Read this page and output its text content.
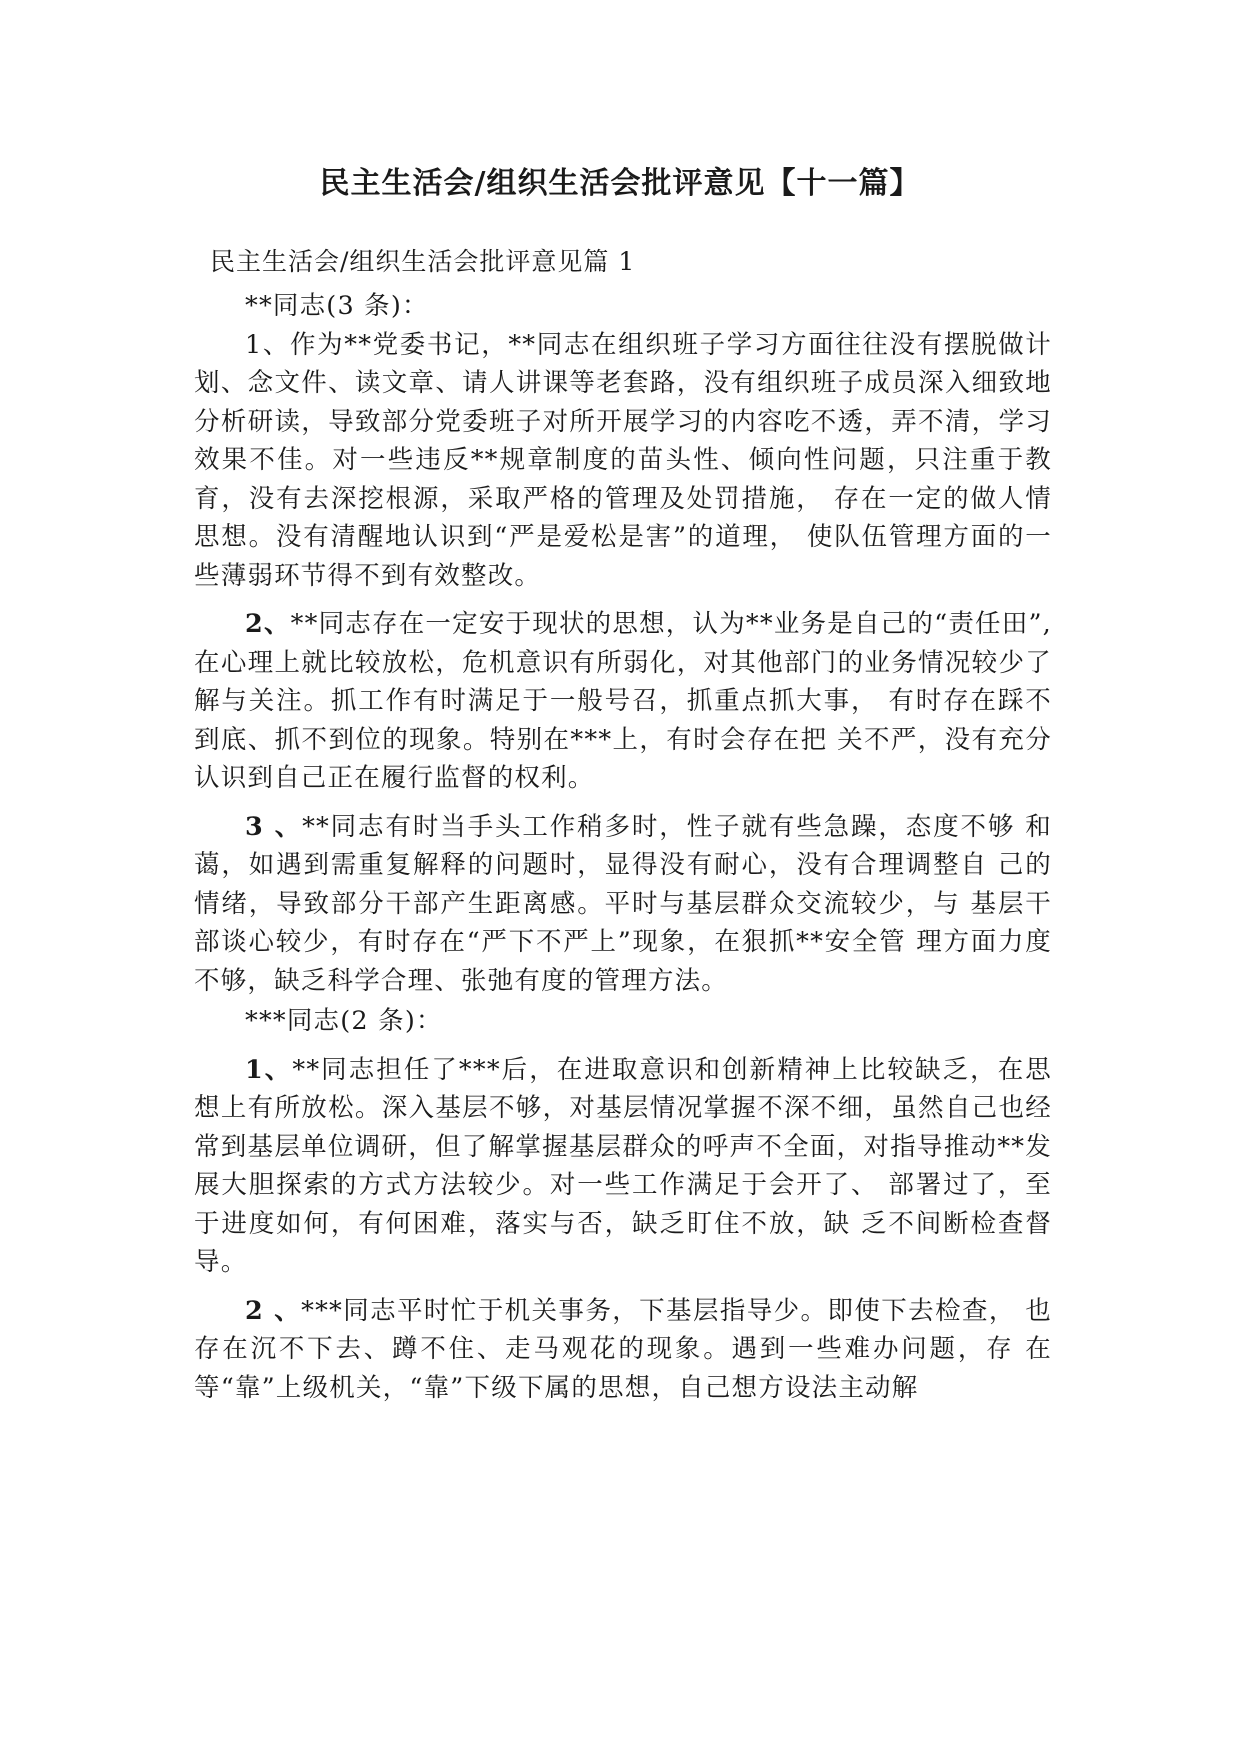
民主生活会/组织生活会批评意见【十一篇】

民主生活会/组织生活会批评意见篇 1

**同志(3 条)：

1、作为**党委书记，**同志在组织班子学习方面往往没有摆脱做计划、念文件、读文章、请人讲课等老套路，没有组织班子成员深入细致地分析研读，导致部分党委班子对所开展学习的内容吃不透，弄不清，学习效果不佳。对一些违反**规章制度的苗头性、倾向性问题，只注重于教育，没有去深挖根源，采取严格的管理及处罚措施， 存在一定的做人情思想。没有清醒地认识到“严是爱松是害”的道理， 使队伍管理方面的一些薄弱环节得不到有效整改。

2、**同志存在一定安于现状的思想，认为**业务是自己的“责任田”,在心理上就比较放松，危机意识有所弱化，对其他部门的业务情况较少了解与关注。抓工作有时满足于一般号召，抓重点抓大事， 有时存在踩不到底、抓不到位的现象。特别在***上，有时会存在把 关不严，没有充分认识到自己正在履行监督的权利。

3 、**同志有时当手头工作稍多时，性子就有些急躁，态度不够 和蔼，如遇到需重复解释的问题时，显得没有耐心，没有合理调整自 己的情绪，导致部分干部产生距离感。平时与基层群众交流较少，与 基层干部谈心较少，有时存在“严下不严上”现象，在狠抓**安全管 理方面力度不够，缺乏科学合理、张弛有度的管理方法。

***同志(2 条)：

1、**同志担任了***后，在进取意识和创新精神上比较缺乏，在思想上有所放松。深入基层不够，对基层情况掌握不深不细，虽然自己也经常到基层单位调研，但了解掌握基层群众的呼声不全面，对指导推动**发展大胆探索的方式方法较少。对一些工作满足于会开了、 部署过了，至于进度如何，有何困难，落实与否，缺乏盯住不放，缺 乏不间断检查督导。

2 、***同志平时忙于机关事务，下基层指导少。即使下去检查， 也存在沉不下去、蹲不住、走马观花的现象。遇到一些难办问题，存 在等“靠”上级机关，“靠”下级下属的思想，自己想方设法主动解
